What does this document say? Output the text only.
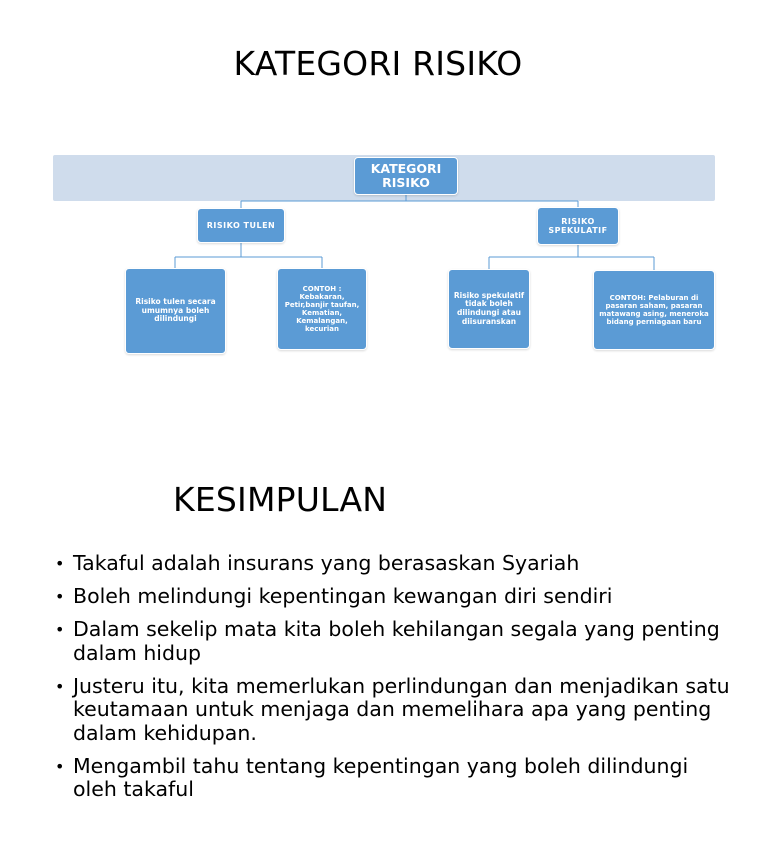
KATEGORI RISIKO
KATEGORI RISIKO
RISIKO TULEN	RISIKO SPEKULATIF
Risiko tulen secara umumnya boleh dilindungi
CONTOH : Kebakaran, Petir,banjir taufan, Kematian, Kemalangan, kecurian
Risiko spekulatif tidak boleh dilindungi atau diisuranskan
CONTOH: Pelaburan di pasaran saham, pasaran matawang asing, meneroka bidang perniagaan baru
KESIMPULAN
• Takaful adalah insurans yang berasaskan Syariah
• Boleh melindungi kepentingan kewangan diri sendiri
• Dalam sekelip mata kita boleh kehilangan segala yang penting dalam hidup
• Justeru itu, kita memerlukan perlindungan dan menjadikan satu keutamaan untuk menjaga dan memelihara apa yang penting dalam kehidupan.
• Mengambil tahu tentang kepentingan yang boleh dilindungi oleh takaful
